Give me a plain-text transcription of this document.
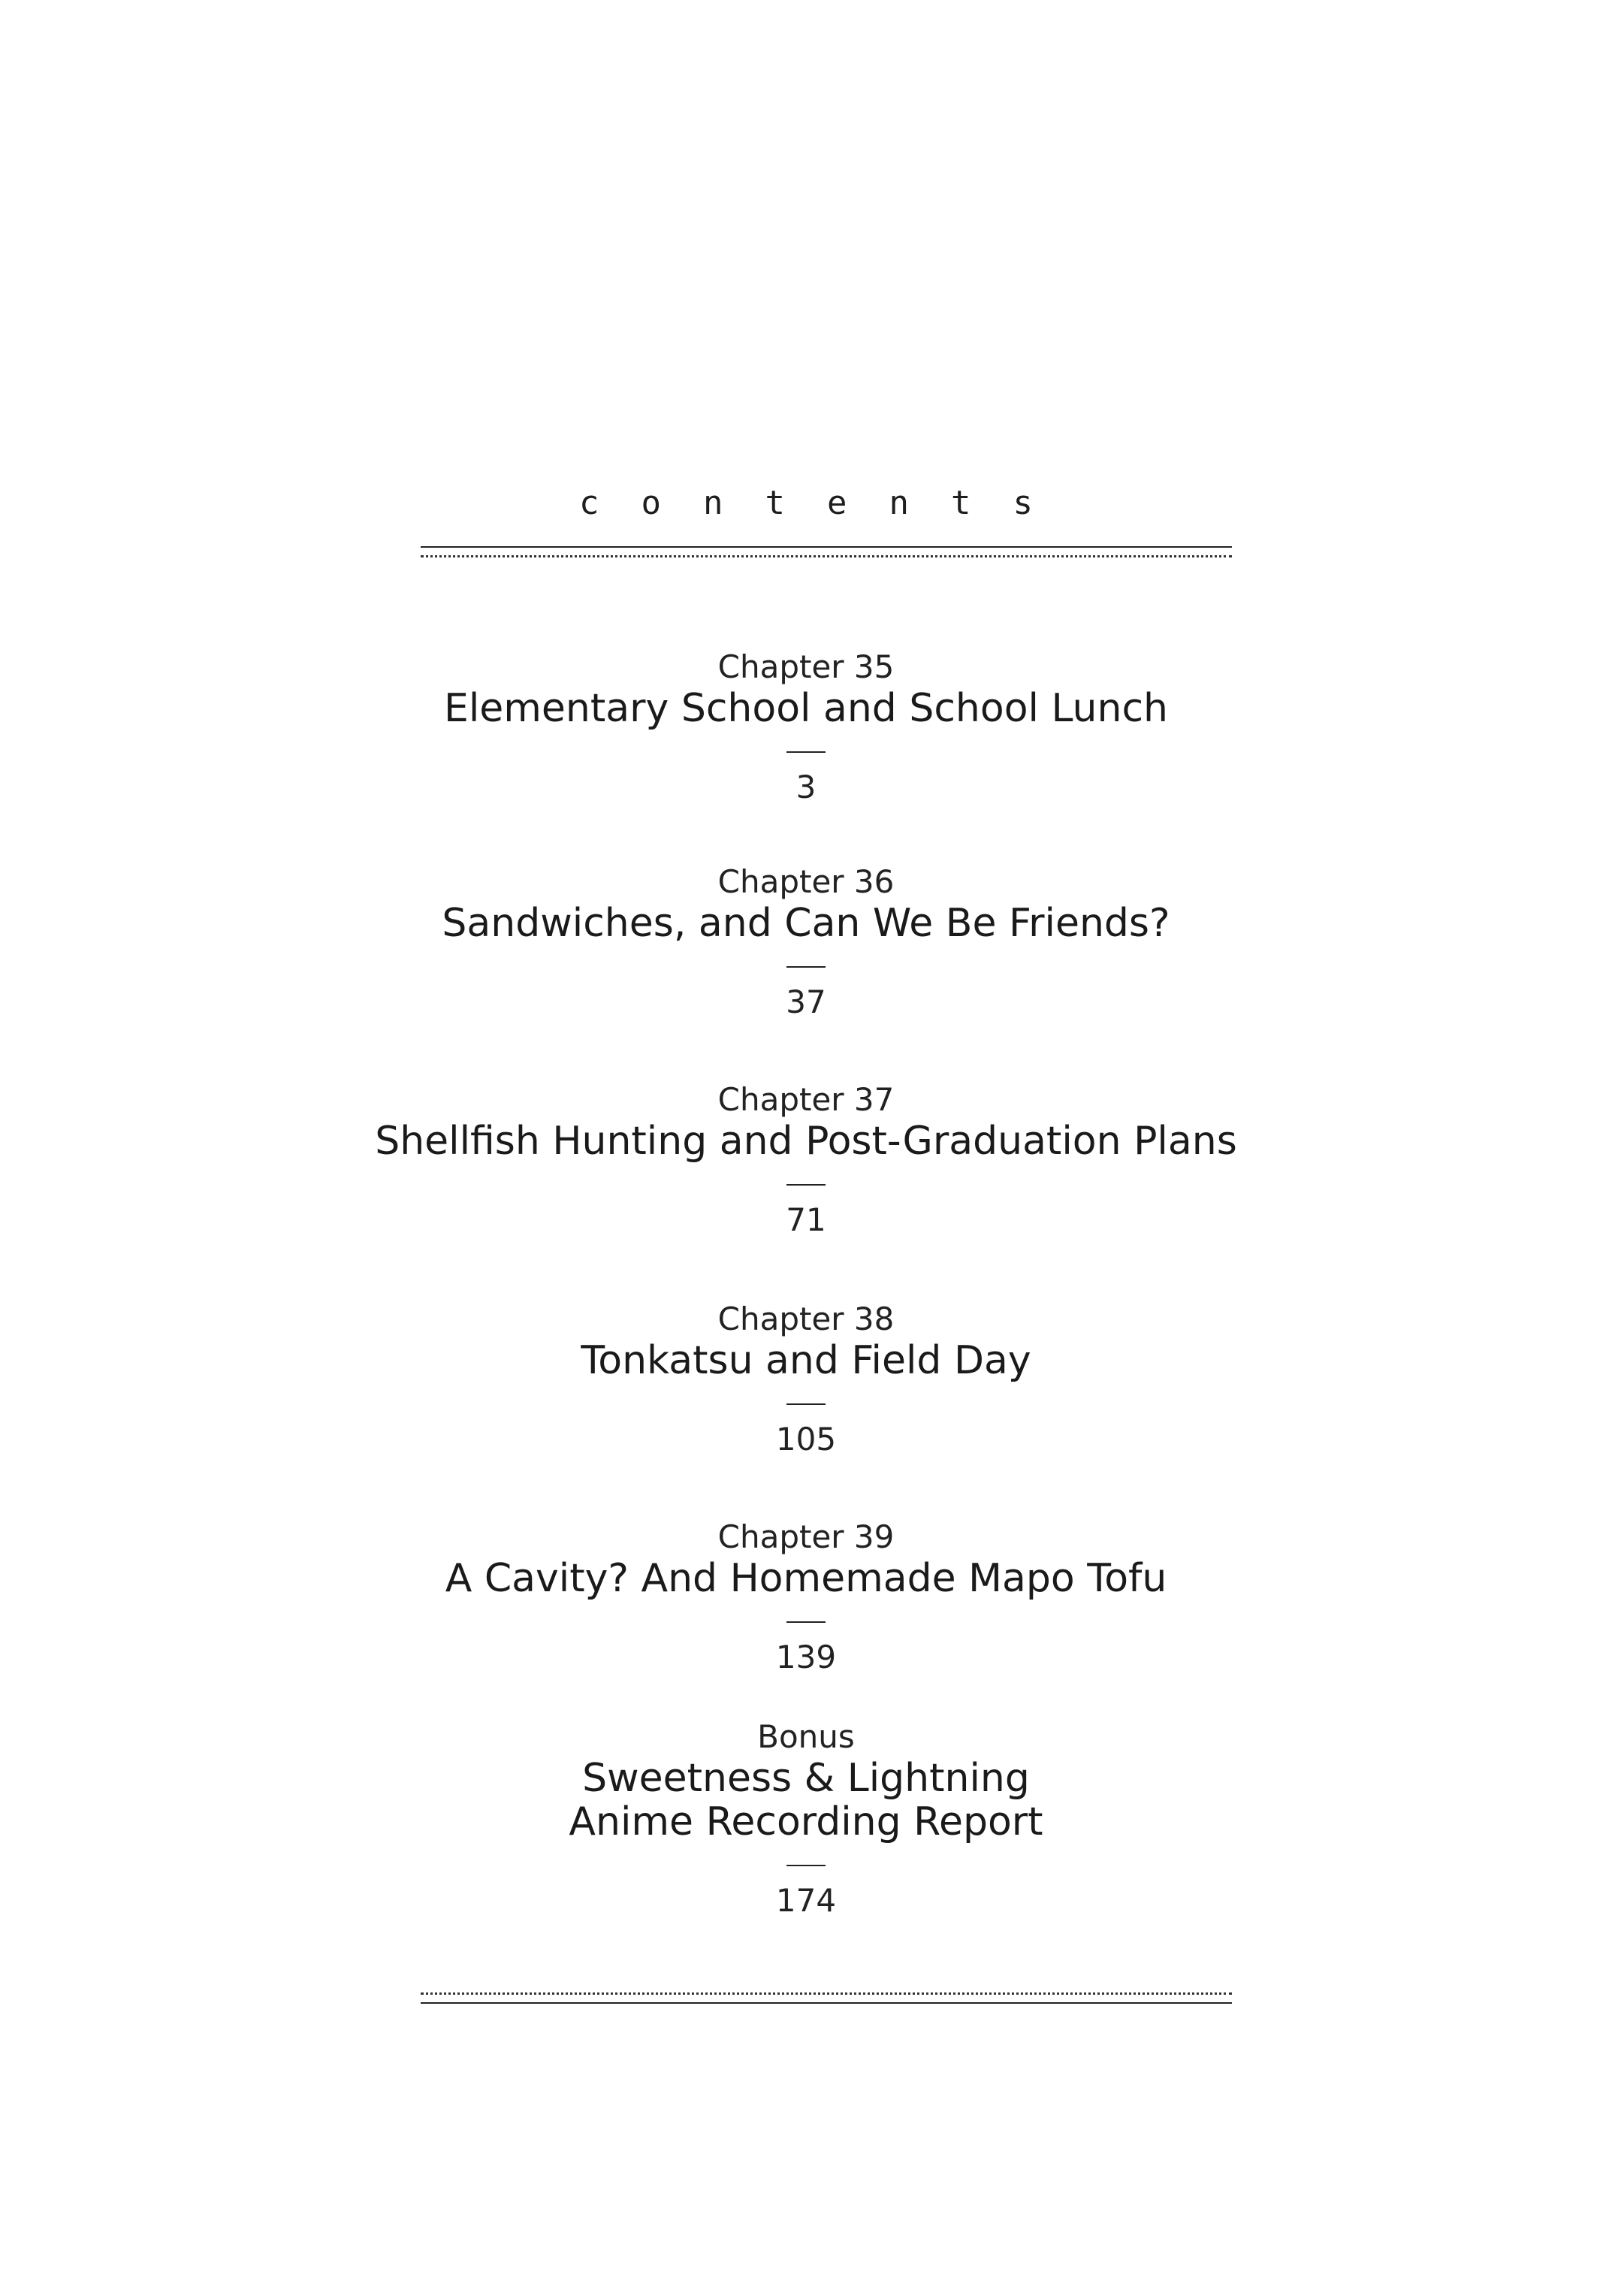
contents
Chapter 35
Elementary School and School Lunch
3
Chapter 36
Sandwiches, and Can We Be Friends?
37
Chapter 37
Shellfish Hunting and Post-Graduation Plans
71
Chapter 38
Tonkatsu and Field Day
105
Chapter 39
A Cavity? And Homemade Mapo Tofu
139
Bonus
Sweetness & Lightning
Anime Recording Report
174
